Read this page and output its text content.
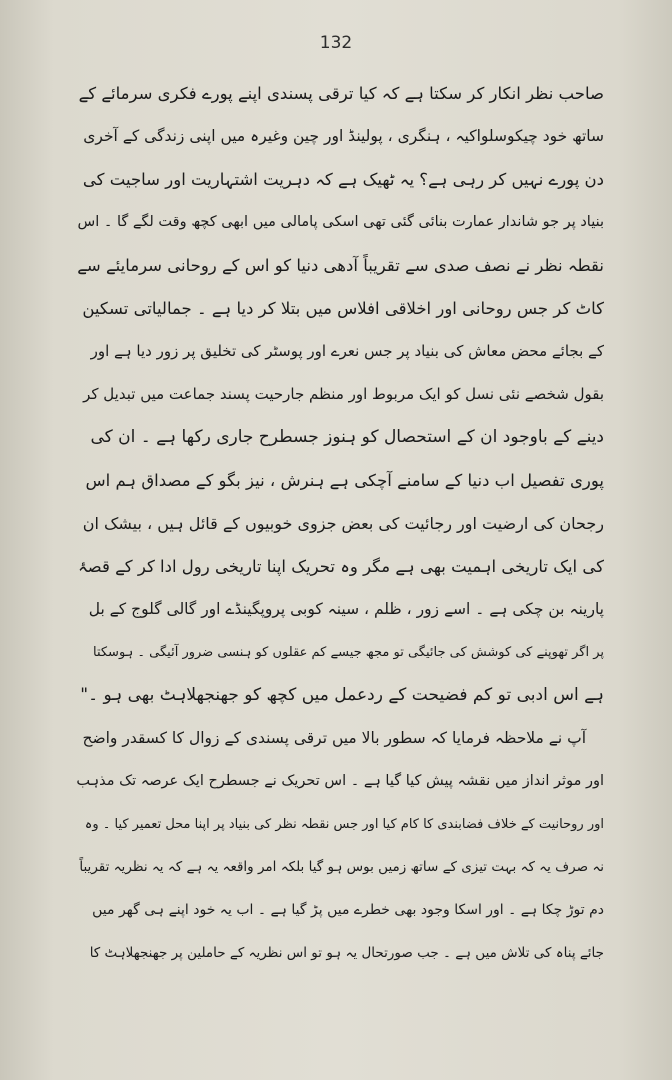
132
صاحب نظر انکار کر سکتا ہے کہ کیا ترقی پسندی اپنے پورے فکری سرمائے کے
ساتھ خود چیکوسلواکیہ ، ہنگری ، پولینڈ اور چین وغیرہ میں اپنی زندگی کے آخری
دن پورے نہیں کر رہی ہے؟ یہ ٹھیک ہے کہ دہریت اشتہاریت اور ساجیت کی
بنیاد پر جو شاندار عمارت بنائی گئی تھی اسکی پامالی میں ابھی کچھ وقت لگے گا ۔ اس
نقطہ نظر نے نصف صدی سے تقریباً آدھی دنیا کو اس کے روحانی سرمایئے سے
کاٹ کر جس روحانی اور اخلاقی افلاس میں بتلا کر دیا ہے ۔ جمالیاتی تسکین
کے بجائے محض معاش کی بنیاد پر جس نعرے اور پوسٹر کی تخلیق پر زور دیا ہے اور
بقول شخصے نئی نسل کو ایک مربوط اور منظم جارحیت پسند جماعت میں تبدیل کر
دینے کے باوجود ان کے استحصال کو ہنوز جسطرح جاری رکھا ہے ۔ ان کی
پوری تفصیل اب دنیا کے سامنے آچکی ہے ہنرش ، نیز بگو کے مصداق ہم اس
رجحان کی ارضیت اور رجائیت کی بعض جزوی خوبیوں کے قائل ہیں ، بیشک ان
کی ایک تاریخی اہمیت بھی ہے مگر وہ تحریک اپنا تاریخی رول ادا کر کے قصۂ
پارینہ بن چکی ہے ۔ اسے زور ، ظلم ، سینہ کوبی پروپگینڈے اور گالی گلوج کے بل
پر اگر تھوپنے کی کوشش کی جائیگی تو مجھ جیسے کم عقلوں کو ہنسی ضرور آئیگی ۔ ہوسکتا
ہے اس ادبی تو کم فضیحت کے ردعمل میں کچھ کو جھنجھلاہٹ بھی ہو ۔"
آپ نے ملاحظہ فرمایا کہ سطور بالا میں ترقی پسندی کے زوال کا کسقدر واضح
اور موثر انداز میں نقشہ پیش کیا گیا ہے ۔ اس تحریک نے جسطرح ایک عرصہ تک مذہب
اور روحانیت کے خلاف فضابندی کا کام کیا اور جس نقطہ نظر کی بنیاد پر اپنا محل تعمیر کیا ۔ وہ
نہ صرف یہ کہ بہت تیزی کے ساتھ زمیں بوس ہو گیا بلکہ امر واقعہ یہ ہے کہ یہ نظریہ تقریباً
دم توڑ چکا ہے ۔ اور اسکا وجود بھی خطرے میں پڑ گیا ہے ۔ اب یہ خود اپنے ہی گھر میں
جائے پناہ کی تلاش میں ہے ۔ جب صورتحال یہ ہو تو اس نظریہ کے حاملین پر جھنجھلاہٹ کا
